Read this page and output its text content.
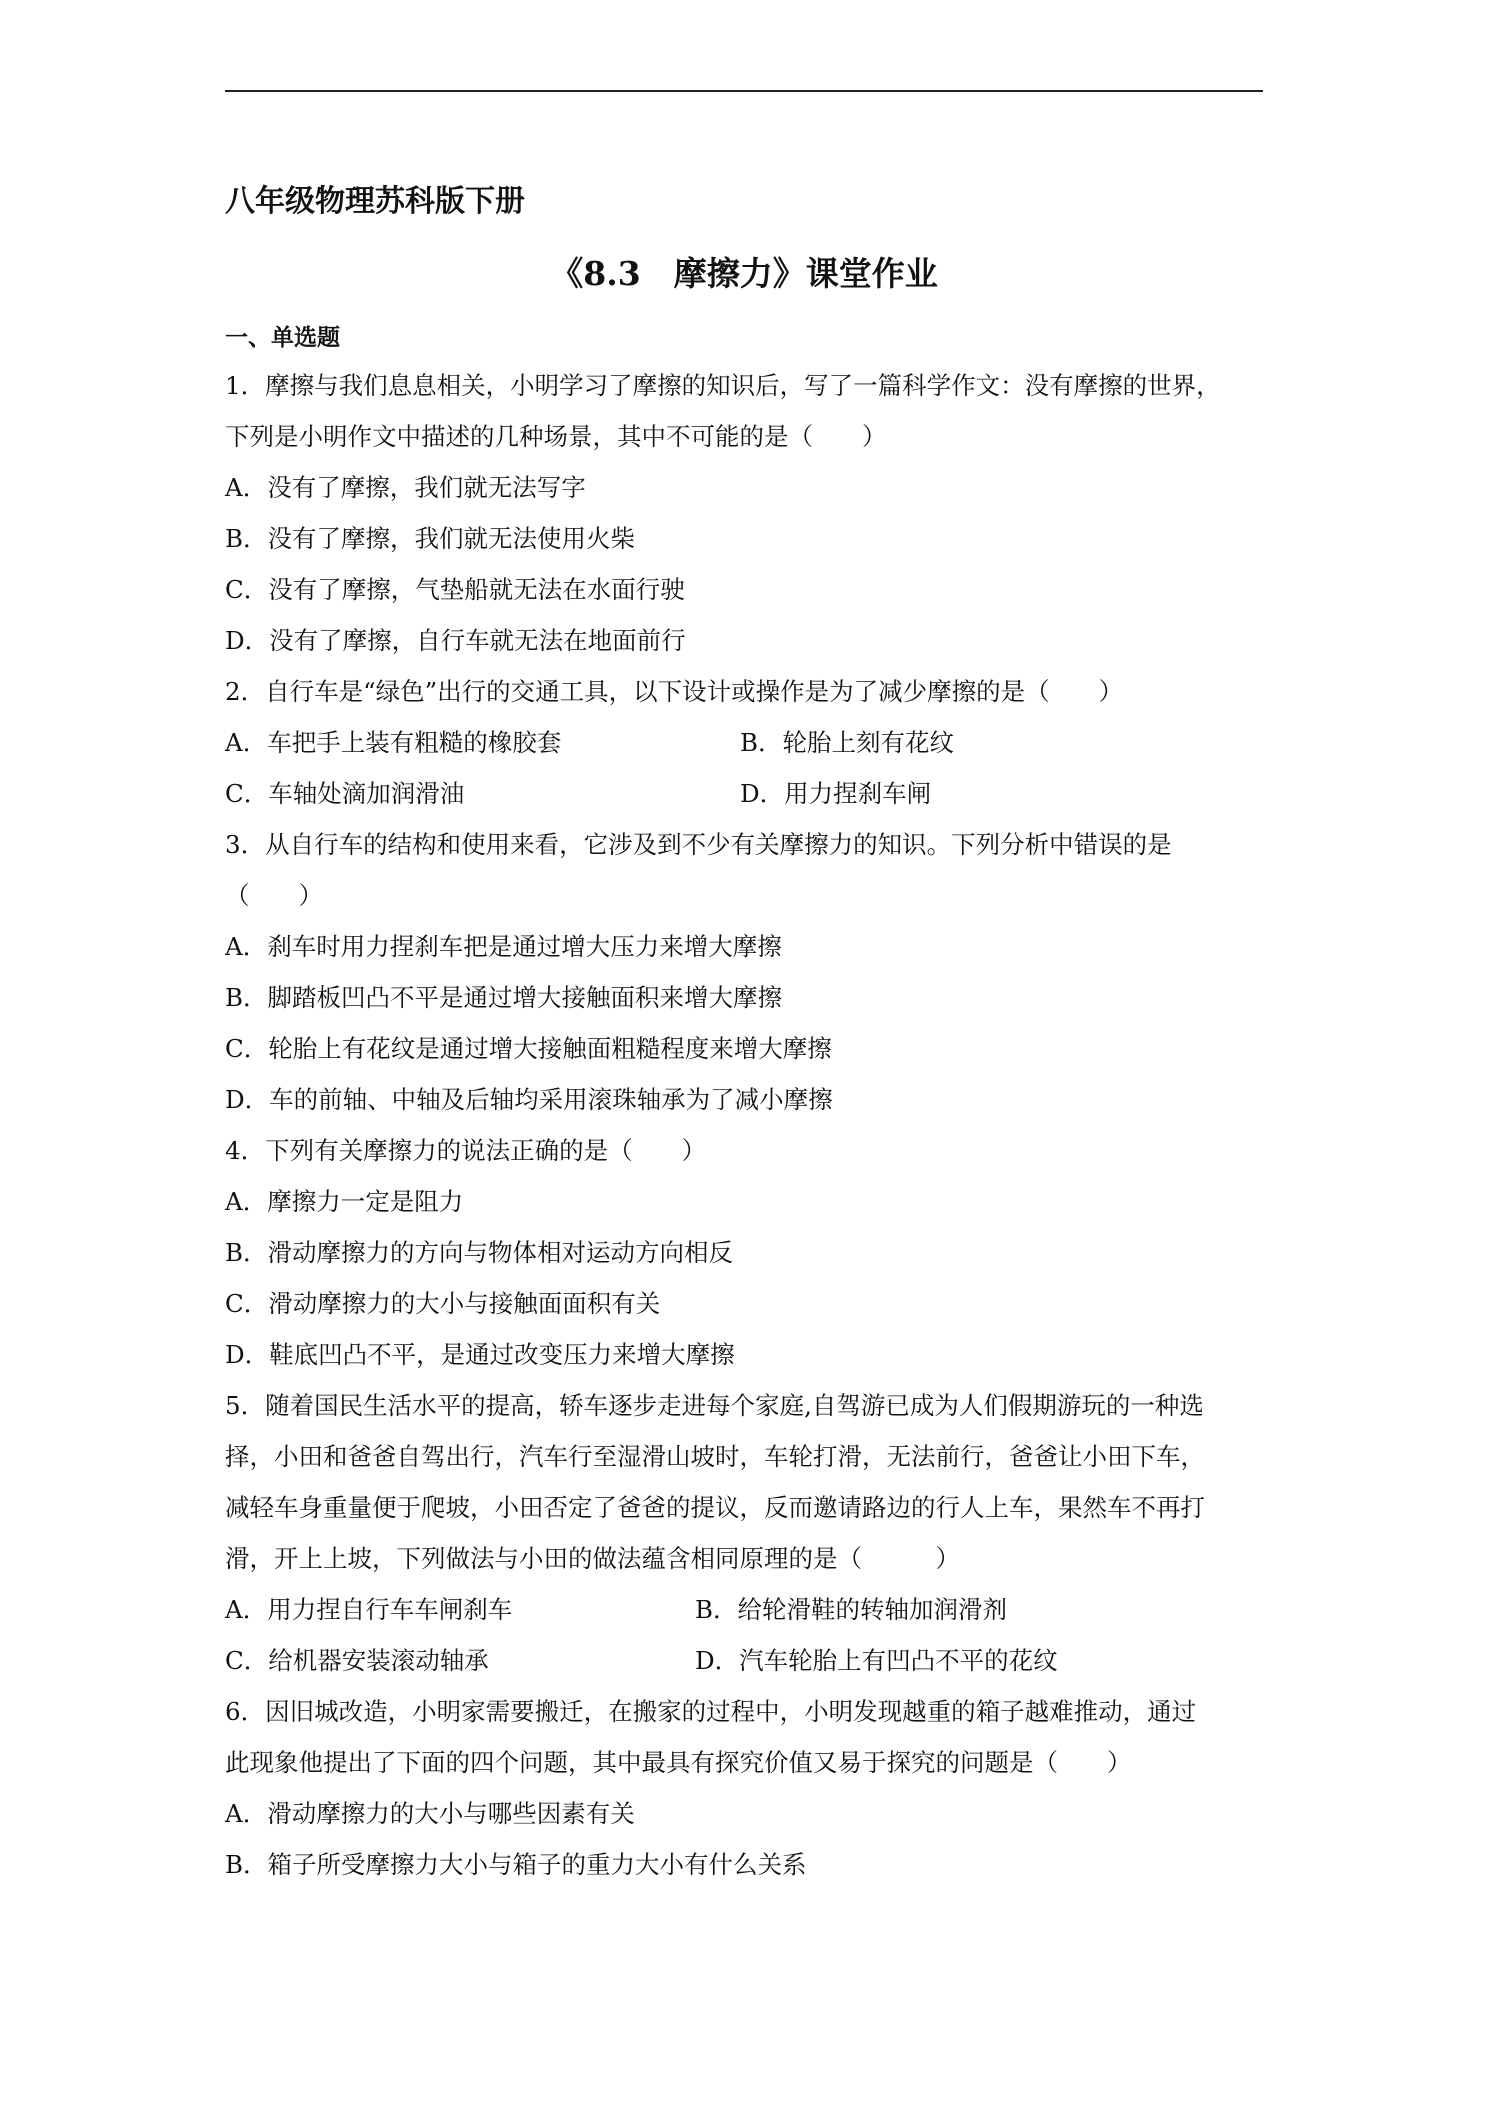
八年级物理苏科版下册
《8.3　摩擦力》课堂作业
一、单选题
1．摩擦与我们息息相关，小明学习了摩擦的知识后，写了一篇科学作文：没有摩擦的世界，
下列是小明作文中描述的几种场景，其中不可能的是（　　）
A．没有了摩擦，我们就无法写字
B．没有了摩擦，我们就无法使用火柴
C．没有了摩擦，气垫船就无法在水面行驶
D．没有了摩擦，自行车就无法在地面前行
2．自行车是“绿色”出行的交通工具，以下设计或操作是为了减少摩擦的是（　　）
A．车把手上装有粗糙的橡胶套	B．轮胎上刻有花纹
C．车轴处滴加润滑油	D．用力捏刹车闸
3．从自行车的结构和使用来看，它涉及到不少有关摩擦力的知识。下列分析中错误的是
（　　）
A．刹车时用力捏刹车把是通过增大压力来增大摩擦
B．脚踏板凹凸不平是通过增大接触面积来增大摩擦
C．轮胎上有花纹是通过增大接触面粗糙程度来增大摩擦
D．车的前轴、中轴及后轴均采用滚珠轴承为了减小摩擦
4．下列有关摩擦力的说法正确的是（　　）
A．摩擦力一定是阻力
B．滑动摩擦力的方向与物体相对运动方向相反
C．滑动摩擦力的大小与接触面面积有关
D．鞋底凹凸不平，是通过改变压力来增大摩擦
5．随着国民生活水平的提高，轿车逐步走进每个家庭,自驾游已成为人们假期游玩的一种选
择，小田和爸爸自驾出行，汽车行至湿滑山坡时，车轮打滑，无法前行，爸爸让小田下车，
减轻车身重量便于爬坡，小田否定了爸爸的提议，反而邀请路边的行人上车，果然车不再打
滑，开上上坡，下列做法与小田的做法蕴含相同原理的是（　　　）
A．用力捏自行车车闸刹车	B．给轮滑鞋的转轴加润滑剂
C．给机器安装滚动轴承	D．汽车轮胎上有凹凸不平的花纹
6．因旧城改造，小明家需要搬迁，在搬家的过程中，小明发现越重的箱子越难推动，通过
此现象他提出了下面的四个问题，其中最具有探究价值又易于探究的问题是（　　）
A．滑动摩擦力的大小与哪些因素有关
B．箱子所受摩擦力大小与箱子的重力大小有什么关系
